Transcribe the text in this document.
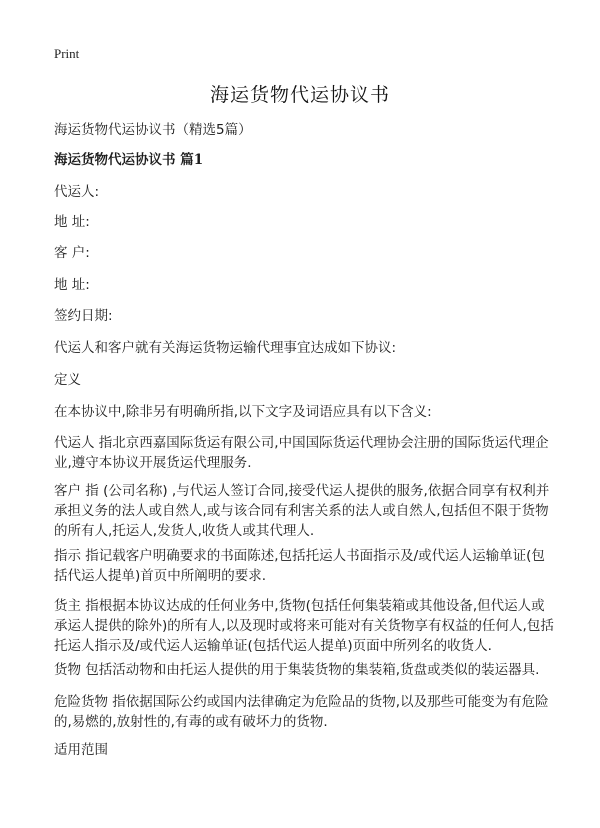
Print
海运货物代运协议书
海运货物代运协议书（精选5篇）
海运货物代运协议书 篇1
代运人:
地 址:
客 户:
地 址:
签约日期:
代运人和客户就有关海运货物运输代理事宜达成如下协议:
定义
在本协议中,除非另有明确所指,以下文字及词语应具有以下含义:
代运人 指北京西嘉国际货运有限公司,中国国际货运代理协会注册的国际货运代理企业,遵守本协议开展货运代理服务.
客户 指 (公司名称) ,与代运人签订合同,接受代运人提供的服务,依据合同享有权利并承担义务的法人或自然人,或与该合同有利害关系的法人或自然人,包括但不限于货物的所有人,托运人,发货人,收货人或其代理人.
指示 指记载客户明确要求的书面陈述,包括托运人书面指示及/或代运人运输单证(包括代运人提单)首页中所阐明的要求.
货主 指根据本协议达成的任何业务中,货物(包括任何集装箱或其他设备,但代运人或承运人提供的除外)的所有人,以及现时或将来可能对有关货物享有权益的任何人,包括托运人指示及/或代运人运输单证(包括代运人提单)页面中所列名的收货人.
货物 包括活动物和由托运人提供的用于集装货物的集装箱,货盘或类似的装运器具.
危险货物 指依据国际公约或国内法律确定为危险品的货物,以及那些可能变为有危险的,易燃的,放射性的,有毒的或有破坏力的货物.
适用范围
